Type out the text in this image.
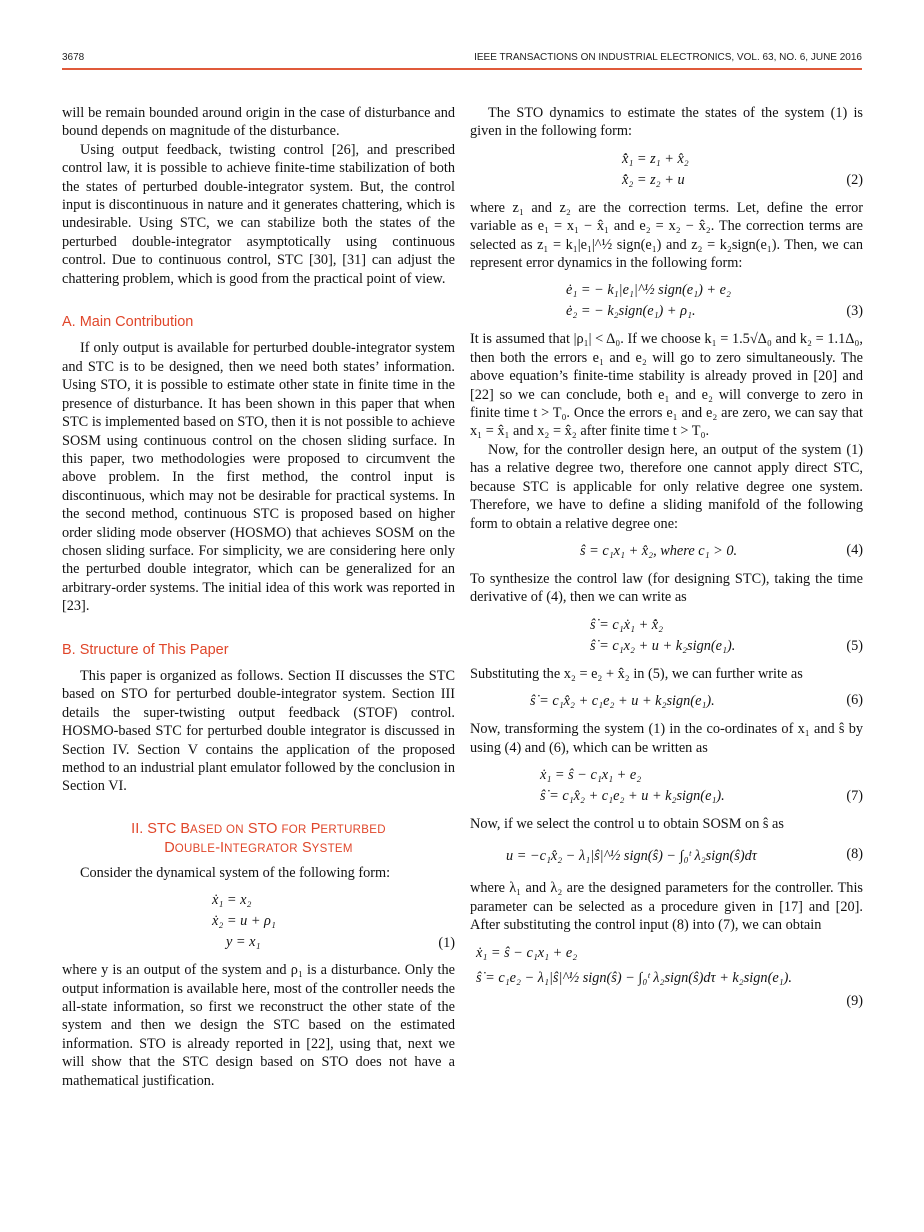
3678	IEEE TRANSACTIONS ON INDUSTRIAL ELECTRONICS, VOL. 63, NO. 6, JUNE 2016

will be remain bounded around origin in the case of disturbance and bound depends on magnitude of the disturbance.

Using output feedback, twisting control [26], and prescribed control law, it is possible to achieve finite-time stabilization of both the states of perturbed double-integrator system. But, the control input is discontinuous in nature and it generates chattering, which is undesirable. Using STC, we can stabilize both the states of the perturbed double-integrator asymptotically using continuous control. Due to continuous control, STC [30], [31] can adjust the chattering problem, which is good from the practical point of view.

A. Main Contribution

If only output is available for perturbed double-integrator system and STC is to be designed, then we need both states’ information. Using STO, it is possible to estimate other state in finite time in the presence of disturbance. It has been shown in this paper that when STC is implemented based on STO, then it is not possible to achieve SOSM using continuous control on the chosen sliding surface. In this paper, two methodologies were proposed to circumvent the above problem. In the first method, the control input is discontinuous, which may not be desirable for practical systems. In the second method, continuous STC is proposed based on higher order sliding mode observer (HOSMO) that achieves SOSM on the chosen sliding surface. For simplicity, we are considering here only the perturbed double integrator, which can be generalized for an arbitrary-order systems. The initial idea of this work was reported in [23].

B. Structure of This Paper

This paper is organized as follows. Section II discusses the STC based on STO for perturbed double-integrator system. Section III details the super-twisting output feedback (STOF) control. HOSMO-based STC for perturbed double integrator is discussed in Section IV. Section V contains the application of the proposed method to an industrial plant emulator followed by the conclusion in Section VI.

II. STC BASED ON STO FOR PERTURBED
DOUBLE-INTEGRATOR SYSTEM

Consider the dynamical system of the following form:

ẋ₁ = x₂
ẋ₂ = u + ρ₁
y = x₁	(1)

where y is an output of the system and ρ₁ is a disturbance. Only the output information is available here, most of the controller needs the all-state information, so first we reconstruct the other state of the system and then we design the STC based on the estimated information. STO is already reported in [22], using that, next we will show that the STC design based on STO does not have a mathematical justification.

The STO dynamics to estimate the states of the system (1) is given in the following form:

x̂̇₁ = z₁ + x̂₂
x̂̇₂ = z₂ + u	(2)

where z₁ and z₂ are the correction terms. Let, define the error variable as e₁ = x₁ − x̂₁ and e₂ = x₂ − x̂₂. The correction terms are selected as z₁ = k₁|e₁|^½ sign(e₁) and z₂ = k₂sign(e₁). Then, we can represent error dynamics in the following form:

ė₁ = − k₁|e₁|^½ sign(e₁) + e₂
ė₂ = − k₂sign(e₁) + ρ₁.	(3)

It is assumed that |ρ₁| < Δ₀. If we choose k₁ = 1.5√Δ₀ and k₂ = 1.1Δ₀, then both the errors e₁ and e₂ will go to zero simultaneously. The above equation’s finite-time stability is already proved in [20] and [22] so we can conclude, both e₁ and e₂ will converge to zero in finite time t > T₀. Once the errors e₁ and e₂ are zero, we can say that x₁ = x̂₁ and x₂ = x̂₂ after finite time t > T₀.

Now, for the controller design here, an output of the system (1) has a relative degree two, therefore one cannot apply direct STC, because STC is applicable for only relative degree one system. Therefore, we have to define a sliding manifold of the following form to obtain a relative degree one:

ŝ = c₁x₁ + x̂₂, where c₁ > 0.	(4)

To synthesize the control law (for designing STC), taking the time derivative of (4), then we can write as

ŝ̇ = c₁ẋ₁ + x̂̇₂
ŝ̇ = c₁x₂ + u + k₂sign(e₁).	(5)

Substituting the x₂ = e₂ + x̂₂ in (5), we can further write as

ŝ̇ = c₁x̂₂ + c₁e₂ + u + k₂sign(e₁).	(6)

Now, transforming the system (1) in the co-ordinates of x₁ and ŝ by using (4) and (6), which can be written as

ẋ₁ = ŝ − c₁x₁ + e₂
ŝ̇ = c₁x̂₂ + c₁e₂ + u + k₂sign(e₁).	(7)

Now, if we select the control u to obtain SOSM on ŝ as

u = −c₁x̂₂ − λ₁|ŝ|^½ sign(ŝ) − ∫₀ᵗ λ₂sign(ŝ)dτ	(8)

where λ₁ and λ₂ are the designed parameters for the controller. This parameter can be selected as a procedure given in [17] and [20]. After substituting the control input (8) into (7), we can obtain

ẋ₁ = ŝ − c₁x₁ + e₂
ŝ̇ = c₁e₂ − λ₁|ŝ|^½ sign(ŝ) − ∫₀ᵗ λ₂sign(ŝ)dτ + k₂sign(e₁).
(9)
